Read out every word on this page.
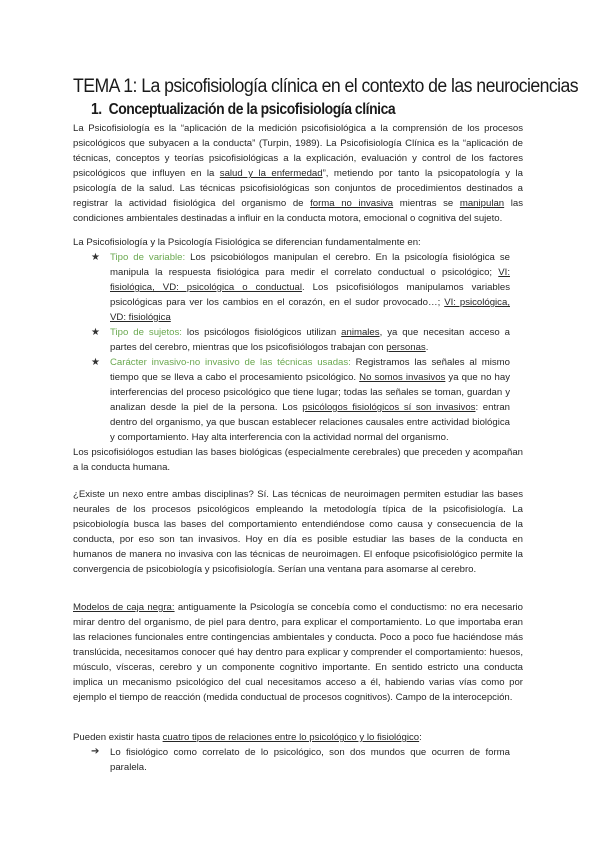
TEMA 1: La psicofisiología clínica en el contexto de las neurociencias
1. Conceptualización de la psicofisiología clínica
La Psicofisiología es la “aplicación de la medición psicofisiológica a la comprensión de los procesos psicológicos que subyacen a la conducta” (Turpin, 1989). La Psicofisiología Clínica es la “aplicación de técnicas, conceptos y teorías psicofisiológicas a la explicación, evaluación y control de los factores psicológicos que influyen en la salud y la enfermedad”, metiendo por tanto la psicopatología y la psicología de la salud. Las técnicas psicofisiológicas son conjuntos de procedimientos destinados a registrar la actividad fisiológica del organismo de forma no invasiva mientras se manipulan las condiciones ambientales destinadas a influir en la conducta motora, emocional o cognitiva del sujeto.
La Psicofisiología y la Psicología Fisiológica se diferencian fundamentalmente en:
★ Tipo de variable: Los psicobiólogos manipulan el cerebro. En la psicología fisiológica se manipula la respuesta fisiológica para medir el correlato conductual o psicológico; VI: fisiológica, VD: psicológica o conductual. Los psicofisiólogos manipulamos variables psicológicas para ver los cambios en el corazón, en el sudor provocado…; VI: psicológica, VD: fisiológica
★ Tipo de sujetos: los psicólogos fisiológicos utilizan animales, ya que necesitan acceso a partes del cerebro, mientras que los psicofisiólogos trabajan con personas.
★ Carácter invasivo-no invasivo de las técnicas usadas: Registramos las señales al mismo tiempo que se lleva a cabo el procesamiento psicológico. No somos invasivos ya que no hay interferencias del proceso psicológico que tiene lugar; todas las señales se toman, guardan y analizan desde la piel de la persona. Los psicólogos fisiológicos sí son invasivos: entran dentro del organismo, ya que buscan establecer relaciones causales entre actividad biológica y comportamiento. Hay alta interferencia con la actividad normal del organismo.
Los psicofisiólogos estudian las bases biológicas (especialmente cerebrales) que preceden y acompañan a la conducta humana.
¿Existe un nexo entre ambas disciplinas? Sí. Las técnicas de neuroimagen permiten estudiar las bases neurales de los procesos psicológicos empleando la metodología típica de la psicofisiología. La psicobiología busca las bases del comportamiento entendiéndose como causa y consecuencia de la conducta, por eso son tan invasivos. Hoy en día es posible estudiar las bases de la conducta en humanos de manera no invasiva con las técnicas de neuroimagen. El enfoque psicofisiológico permite la convergencia de psicobiología y psicofisiología. Serían una ventana para asomarse al cerebro.
Modelos de caja negra: antiguamente la Psicología se concebía como el conductismo: no era necesario mirar dentro del organismo, de piel para dentro, para explicar el comportamiento. Lo que importaba eran las relaciones funcionales entre contingencias ambientales y conducta. Poco a poco fue haciéndose más translúcida, necesitamos conocer qué hay dentro para explicar y comprender el comportamiento: huesos, músculo, vísceras, cerebro y un componente cognitivo importante. En sentido estricto una conducta implica un mecanismo psicológico del cual necesitamos acceso a él, habiendo varias vías como por ejemplo el tiempo de reacción (medida conductual de procesos cognitivos). Campo de la interocepción.
Pueden existir hasta cuatro tipos de relaciones entre lo psicológico y lo fisiológico:
➔ Lo fisiológico como correlato de lo psicológico, son dos mundos que ocurren de forma paralela.
